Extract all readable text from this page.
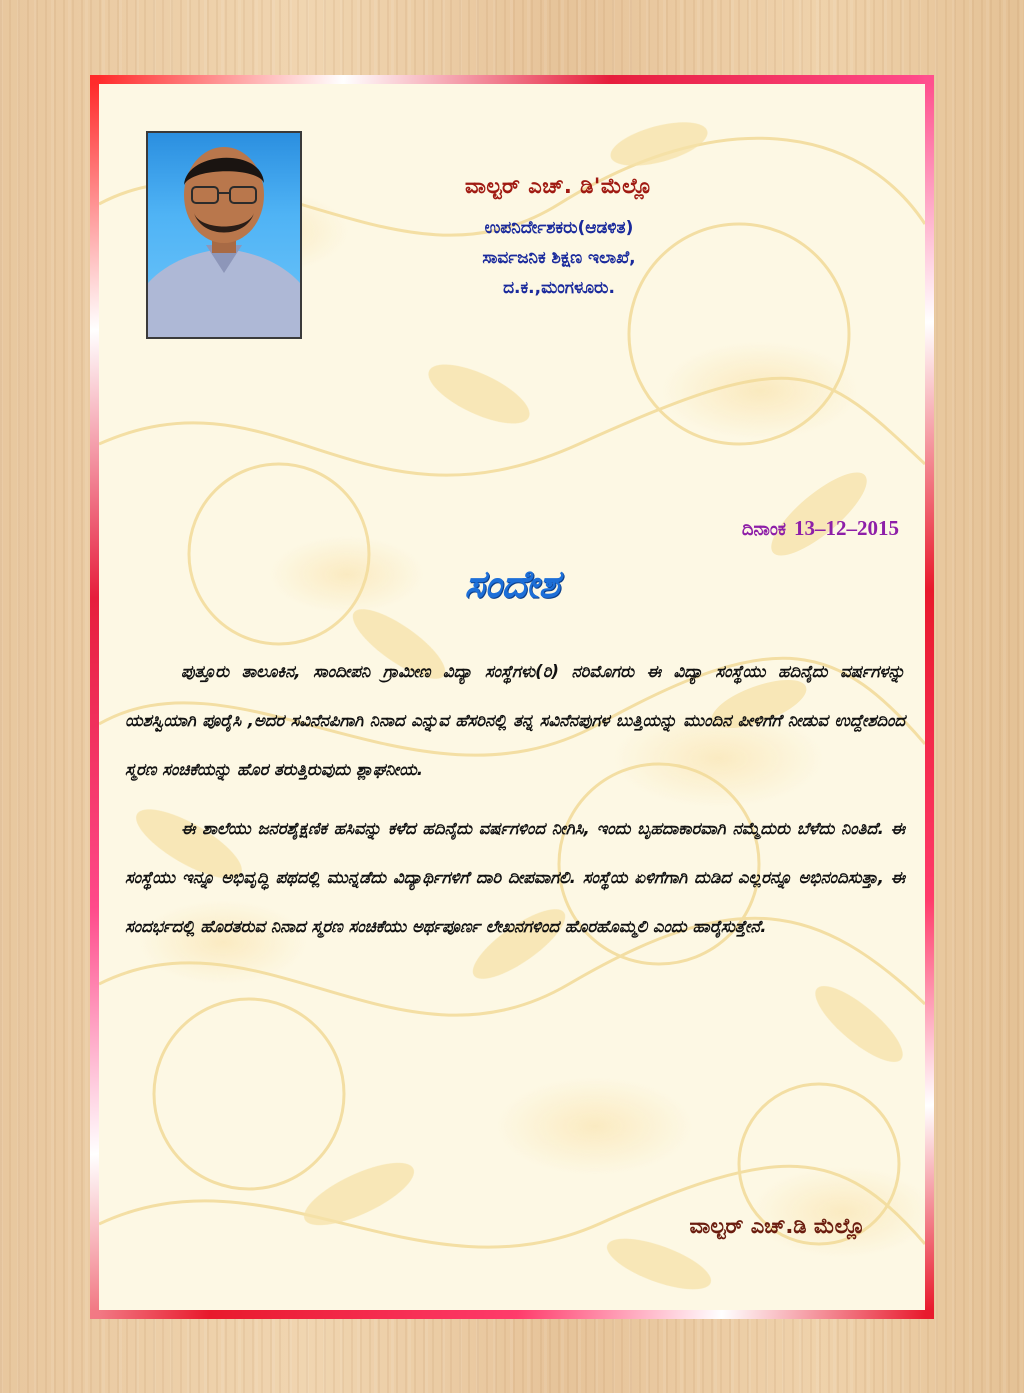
ವಾಲ್ಟರ್ ಎಚ್. ಡಿ'ಮೆಲ್ಲೊ
ಉಪನಿರ್ದೇಶಕರು(ಆಡಳಿತ)
ಸಾರ್ವಜನಿಕ ಶಿಕ್ಷಣ ಇಲಾಖೆ,
ದ.ಕ.,ಮಂಗಳೂರು.
ದಿನಾಂಕ 13–12–2015
ಸಂದೇಶ

ಪುತ್ತೂರು ತಾಲೂಕಿನ, ಸಾಂದೀಪನಿ ಗ್ರಾಮೀಣ ವಿದ್ಯಾ ಸಂಸ್ಥೆಗಳು(ರಿ) ನರಿಮೊಗರು ಈ ವಿದ್ಯಾ ಸಂಸ್ಥೆಯು ಹದಿನೈದು ವರ್ಷಗಳನ್ನು ಯಶಸ್ವಿಯಾಗಿ ಪೂರೈಸಿ ,ಅದರ ಸವಿನೆನಪಿಗಾಗಿ ನಿನಾದ ಎನ್ನುವ ಹೆಸರಿನಲ್ಲಿ ತನ್ನ ಸವಿನೆನಪುಗಳ ಬುತ್ತಿಯನ್ನು ಮುಂದಿನ ಪೀಳಿಗೆಗೆ ನೀಡುವ ಉದ್ದೇಶದಿಂದ ಸ್ಮರಣ ಸಂಚಿಕೆಯನ್ನು ಹೊರ ತರುತ್ತಿರುವುದು ಶ್ಲಾಘನೀಯ.

ಈ ಶಾಲೆಯು ಜನರಶೈಕ್ಷಣಿಕ ಹಸಿವನ್ನು ಕಳೆದ ಹದಿನೈದು ವರ್ಷಗಳಿಂದ ನೀಗಿಸಿ, ಇಂದು ಬೃಹದಾಕಾರವಾಗಿ ನಮ್ಮೆದುರು ಬೆಳೆದು ನಿಂತಿದೆ. ಈ ಸಂಸ್ಥೆಯು ಇನ್ನೂ ಅಭಿವೃದ್ಧಿ ಪಥದಲ್ಲಿ ಮುನ್ನಡೆದು ವಿದ್ಯಾರ್ಥಿಗಳಿಗೆ ದಾರಿ ದೀಪವಾಗಲಿ. ಸಂಸ್ಥೆಯ ಏಳಿಗೆಗಾಗಿ ದುಡಿದ ಎಲ್ಲರನ್ನೂ ಅಭಿನಂದಿಸುತ್ತಾ, ಈ ಸಂದರ್ಭದಲ್ಲಿ ಹೊರತರುವ ನಿನಾದ ಸ್ಮರಣ ಸಂಚಿಕೆಯು ಅರ್ಥಪೂರ್ಣ ಲೇಖನಗಳಿಂದ ಹೊರಹೊಮ್ಮಲಿ ಎಂದು ಹಾರೈಸುತ್ತೇನೆ.

ವಾಲ್ಟರ್ ಎಚ್.ಡಿ ಮೆಲ್ಲೊ
